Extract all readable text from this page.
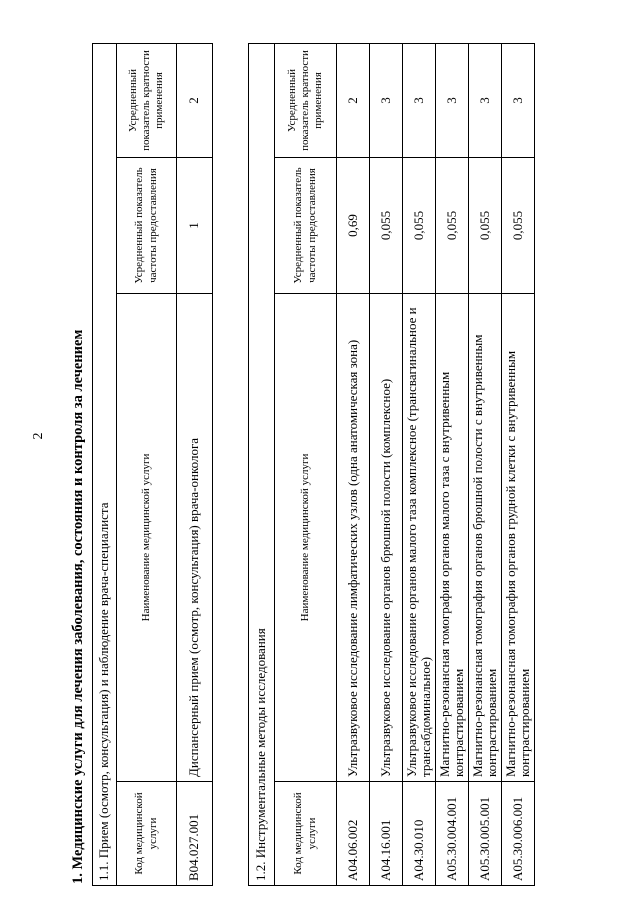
2	1. Медицинские услуги для лечения заболевания, состояния и контроля за лечением 1.1. Прием (осмотр, консультация) и наблюдение врача-специалиста			
Код медицинской услуги	Наименование медицинской услуги	Усредненный показатель частоты предоставления	Усредненный показатель кратности применения
B04.027.001	Диспансерный прием (осмотр, консультация) врача-онколога	1	2
1.2. Инструментальные методы исследования			
Код медицинской услуги	Наименование медицинской услуги	Усредненный показатель частоты предоставления	Усредненный показатель кратности применения
A04.06.002	Ультразвуковое исследование лимфатических узлов (одна анатомическая зона)	0,69	2
A04.16.001	Ультразвуковое исследование органов брюшной полости (комплексное)	0,055	3
A04.30.010	Ультразвуковое исследование органов малого таза комплексное (трансвагинальное и трансабдоминальное)	0,055	3
A05.30.004.001	Магнитно-резонансная томография органов малого таза с внутривенным контрастированием	0,055	3
A05.30.005.001	Магнитно-резонансная томография органов брюшной полости с внутривенным контрастированием	0,055	3
A05.30.006.001	Магнитно-резонансная томография органов грудной клетки с внутривенным контрастированием	0,055	3
